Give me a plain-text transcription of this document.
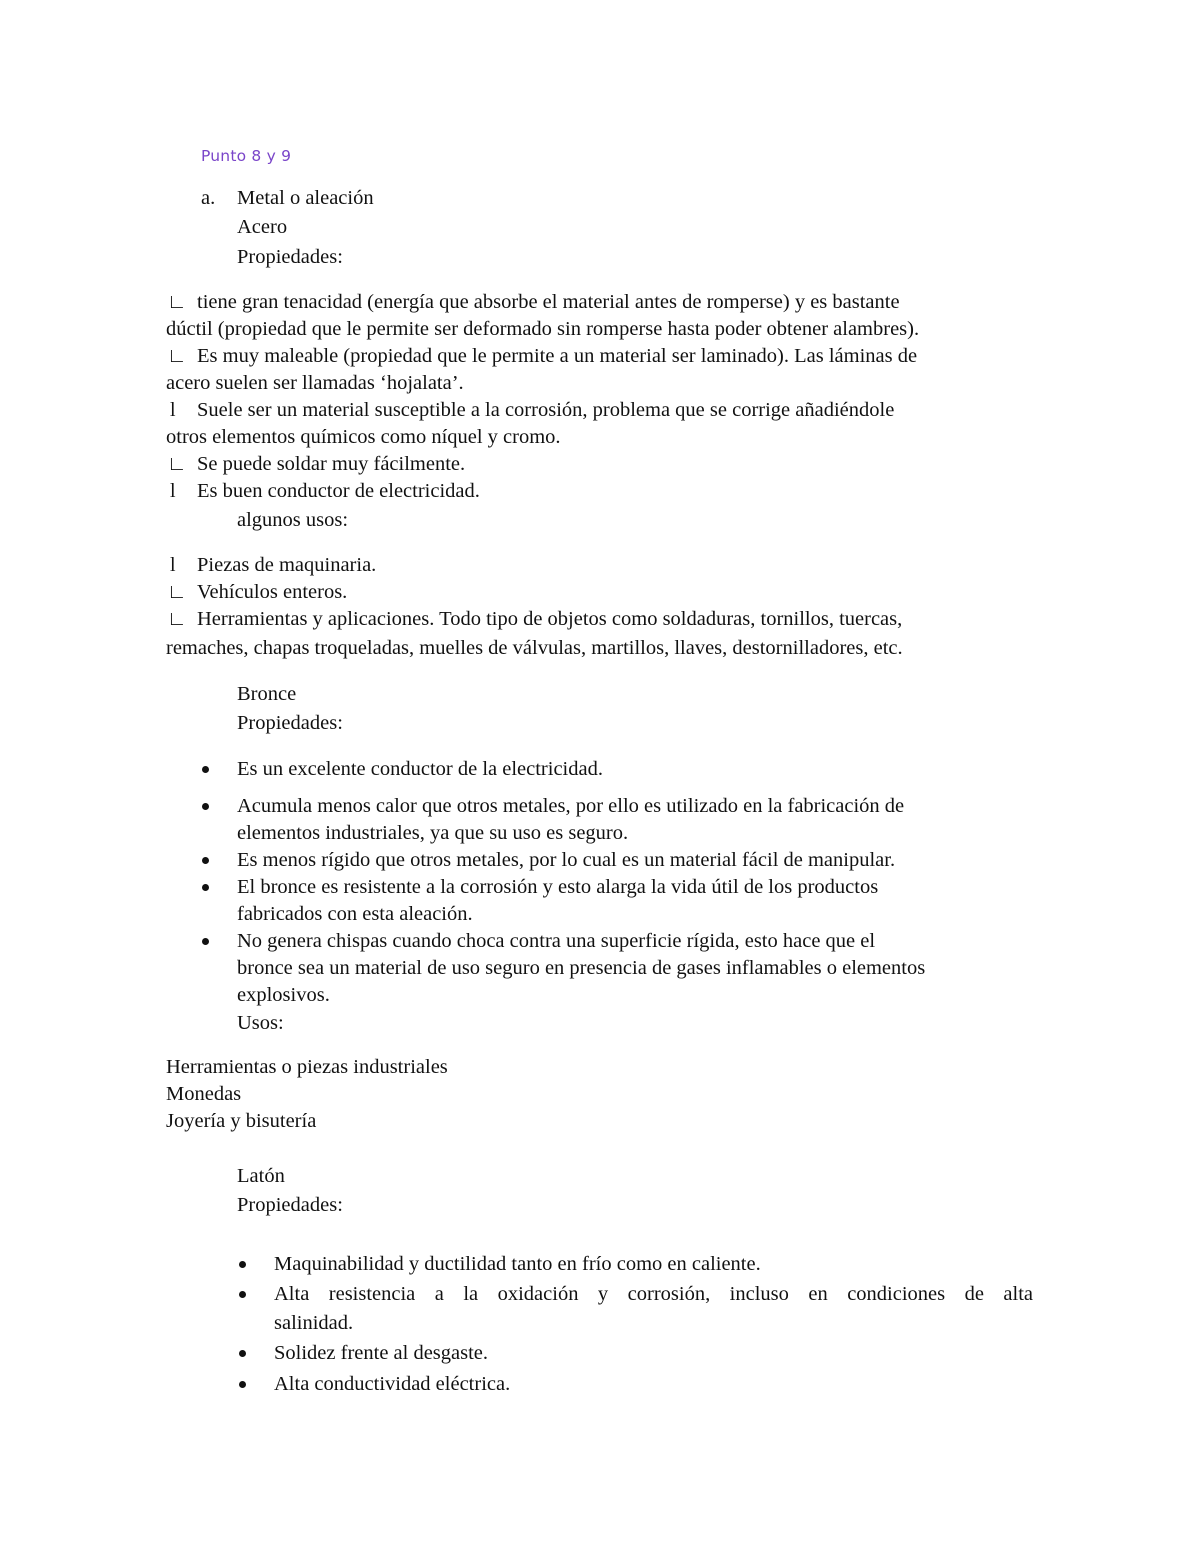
Punto 8 y 9
a. Metal o aleación
Acero
Propiedades:
∟ tiene gran tenacidad (energía que absorbe el material antes de romperse) y es bastante
dúctil (propiedad que le permite ser deformado sin romperse hasta poder obtener alambres).
∟ Es muy maleable (propiedad que le permite a un material ser laminado). Las láminas de
acero suelen ser llamadas ‘hojalata’.
l Suele ser un material susceptible a la corrosión, problema que se corrige añadiéndole
otros elementos químicos como níquel y cromo.
∟ Se puede soldar muy fácilmente.
l Es buen conductor de electricidad.
algunos usos:
l Piezas de maquinaria.
∟ Vehículos enteros.
∟ Herramientas y aplicaciones. Todo tipo de objetos como soldaduras, tornillos, tuercas,
remaches, chapas troqueladas, muelles de válvulas, martillos, llaves, destornilladores, etc.
Bronce
Propiedades:
Es un excelente conductor de la electricidad.
Acumula menos calor que otros metales, por ello es utilizado en la fabricación de
elementos industriales, ya que su uso es seguro.
Es menos rígido que otros metales, por lo cual es un material fácil de manipular.
El bronce es resistente a la corrosión y esto alarga la vida útil de los productos
fabricados con esta aleación.
No genera chispas cuando choca contra una superficie rígida, esto hace que el
bronce sea un material de uso seguro en presencia de gases inflamables o elementos
explosivos.
Usos:
Herramientas o piezas industriales
Monedas
Joyería y bisutería
Latón
Propiedades:
Maquinabilidad y ductilidad tanto en frío como en caliente.
Alta resistencia a la oxidación y corrosión, incluso en condiciones de alta
salinidad.
Solidez frente al desgaste.
Alta conductividad eléctrica.
